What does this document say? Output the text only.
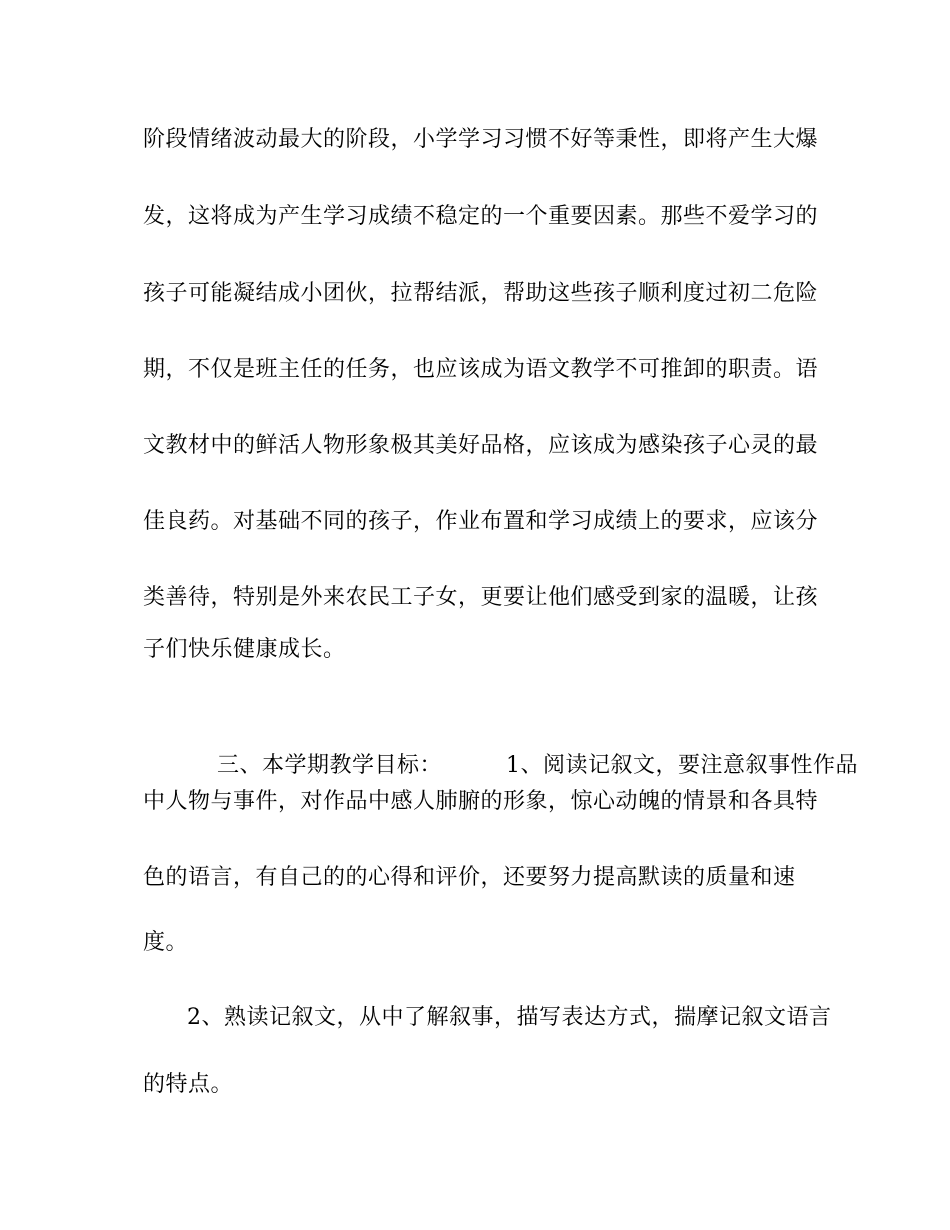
阶段情绪波动最大的阶段，小学学习习惯不好等秉性，即将产生大爆
发，这将成为产生学习成绩不稳定的一个重要因素。那些不爱学习的
孩子可能凝结成小团伙，拉帮结派，帮助这些孩子顺利度过初二危险
期，不仅是班主任的任务，也应该成为语文教学不可推卸的职责。语
文教材中的鲜活人物形象极其美好品格，应该成为感染孩子心灵的最
佳良药。对基础不同的孩子，作业布置和学习成绩上的要求，应该分
类善待，特别是外来农民工子女，更要让他们感受到家的温暖，让孩
子们快乐健康成长。

三、本学期教学目标：	1、阅读记叙文，要注意叙事性作品

中人物与事件，对作品中感人肺腑的形象，惊心动魄的情景和各具特
色的语言，有自己的的心得和评价，还要努力提高默读的质量和速
度。
2、熟读记叙文，从中了解叙事，描写表达方式，揣摩记叙文语言
的特点。
